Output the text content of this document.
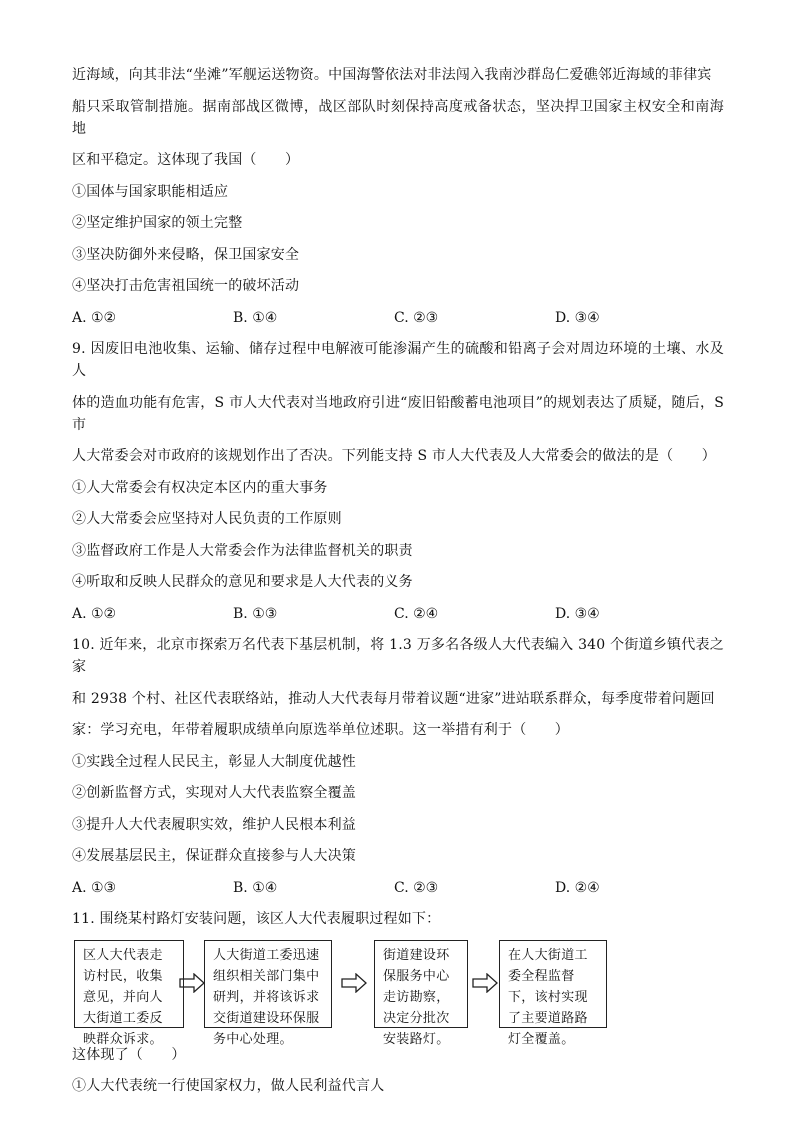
近海域，向其非法“坐滩”军舰运送物资。中国海警依法对非法闯入我南沙群岛仁爱礁邻近海域的菲律宾

船只采取管制措施。据南部战区微博，战区部队时刻保持高度戒备状态，坚决捍卫国家主权安全和南海地

区和平稳定。这体现了我国（　　）

①国体与国家职能相适应

②坚定维护国家的领土完整

③坚决防御外来侵略，保卫国家安全

④坚决打击危害祖国统一的破坏活动

A. ①②	B. ①④	C. ②③	D. ③④

9. 因废旧电池收集、运输、储存过程中电解液可能渗漏产生的硫酸和铅离子会对周边环境的土壤、水及人

体的造血功能有危害，S 市人大代表对当地政府引进“废旧铅酸蓄电池项目”的规划表达了质疑，随后，S 市

人大常委会对市政府的该规划作出了否决。下列能支持 S 市人大代表及人大常委会的做法的是（　　）

①人大常委会有权决定本区内的重大事务

②人大常委会应坚持对人民负责的工作原则

③监督政府工作是人大常委会作为法律监督机关的职责

④听取和反映人民群众的意见和要求是人大代表的义务

A. ①②	B. ①③	C. ②④	D. ③④

10. 近年来，北京市探索万名代表下基层机制，将 1.3 万多名各级人大代表编入 340 个街道乡镇代表之家

和 2938 个村、社区代表联络站，推动人大代表每月带着议题“进家”进站联系群众，每季度带着问题回

家：学习充电，年带着履职成绩单向原选举单位述职。这一举措有利于（　　）

①实践全过程人民民主，彰显人大制度优越性

②创新监督方式，实现对人大代表监察全覆盖

③提升人大代表履职实效，维护人民根本利益

④发展基层民主，保证群众直接参与人大决策

A. ①③	B. ①④	C. ②③	D. ②④

11. 围绕某村路灯安装问题，该区人大代表履职过程如下：

区人大代表走访村民，收集意见，并向人大街道工委反映群众诉求。
人大街道工委迅速组织相关部门集中研判，并将该诉求交街道建设环保服务中心处理。
街道建设环保服务中心走访勘察，决定分批次安装路灯。
在人大街道工委全程监督下，该村实现了主要道路路灯全覆盖。

这体现了（　　）

①人大代表统一行使国家权力，做人民利益代言人
